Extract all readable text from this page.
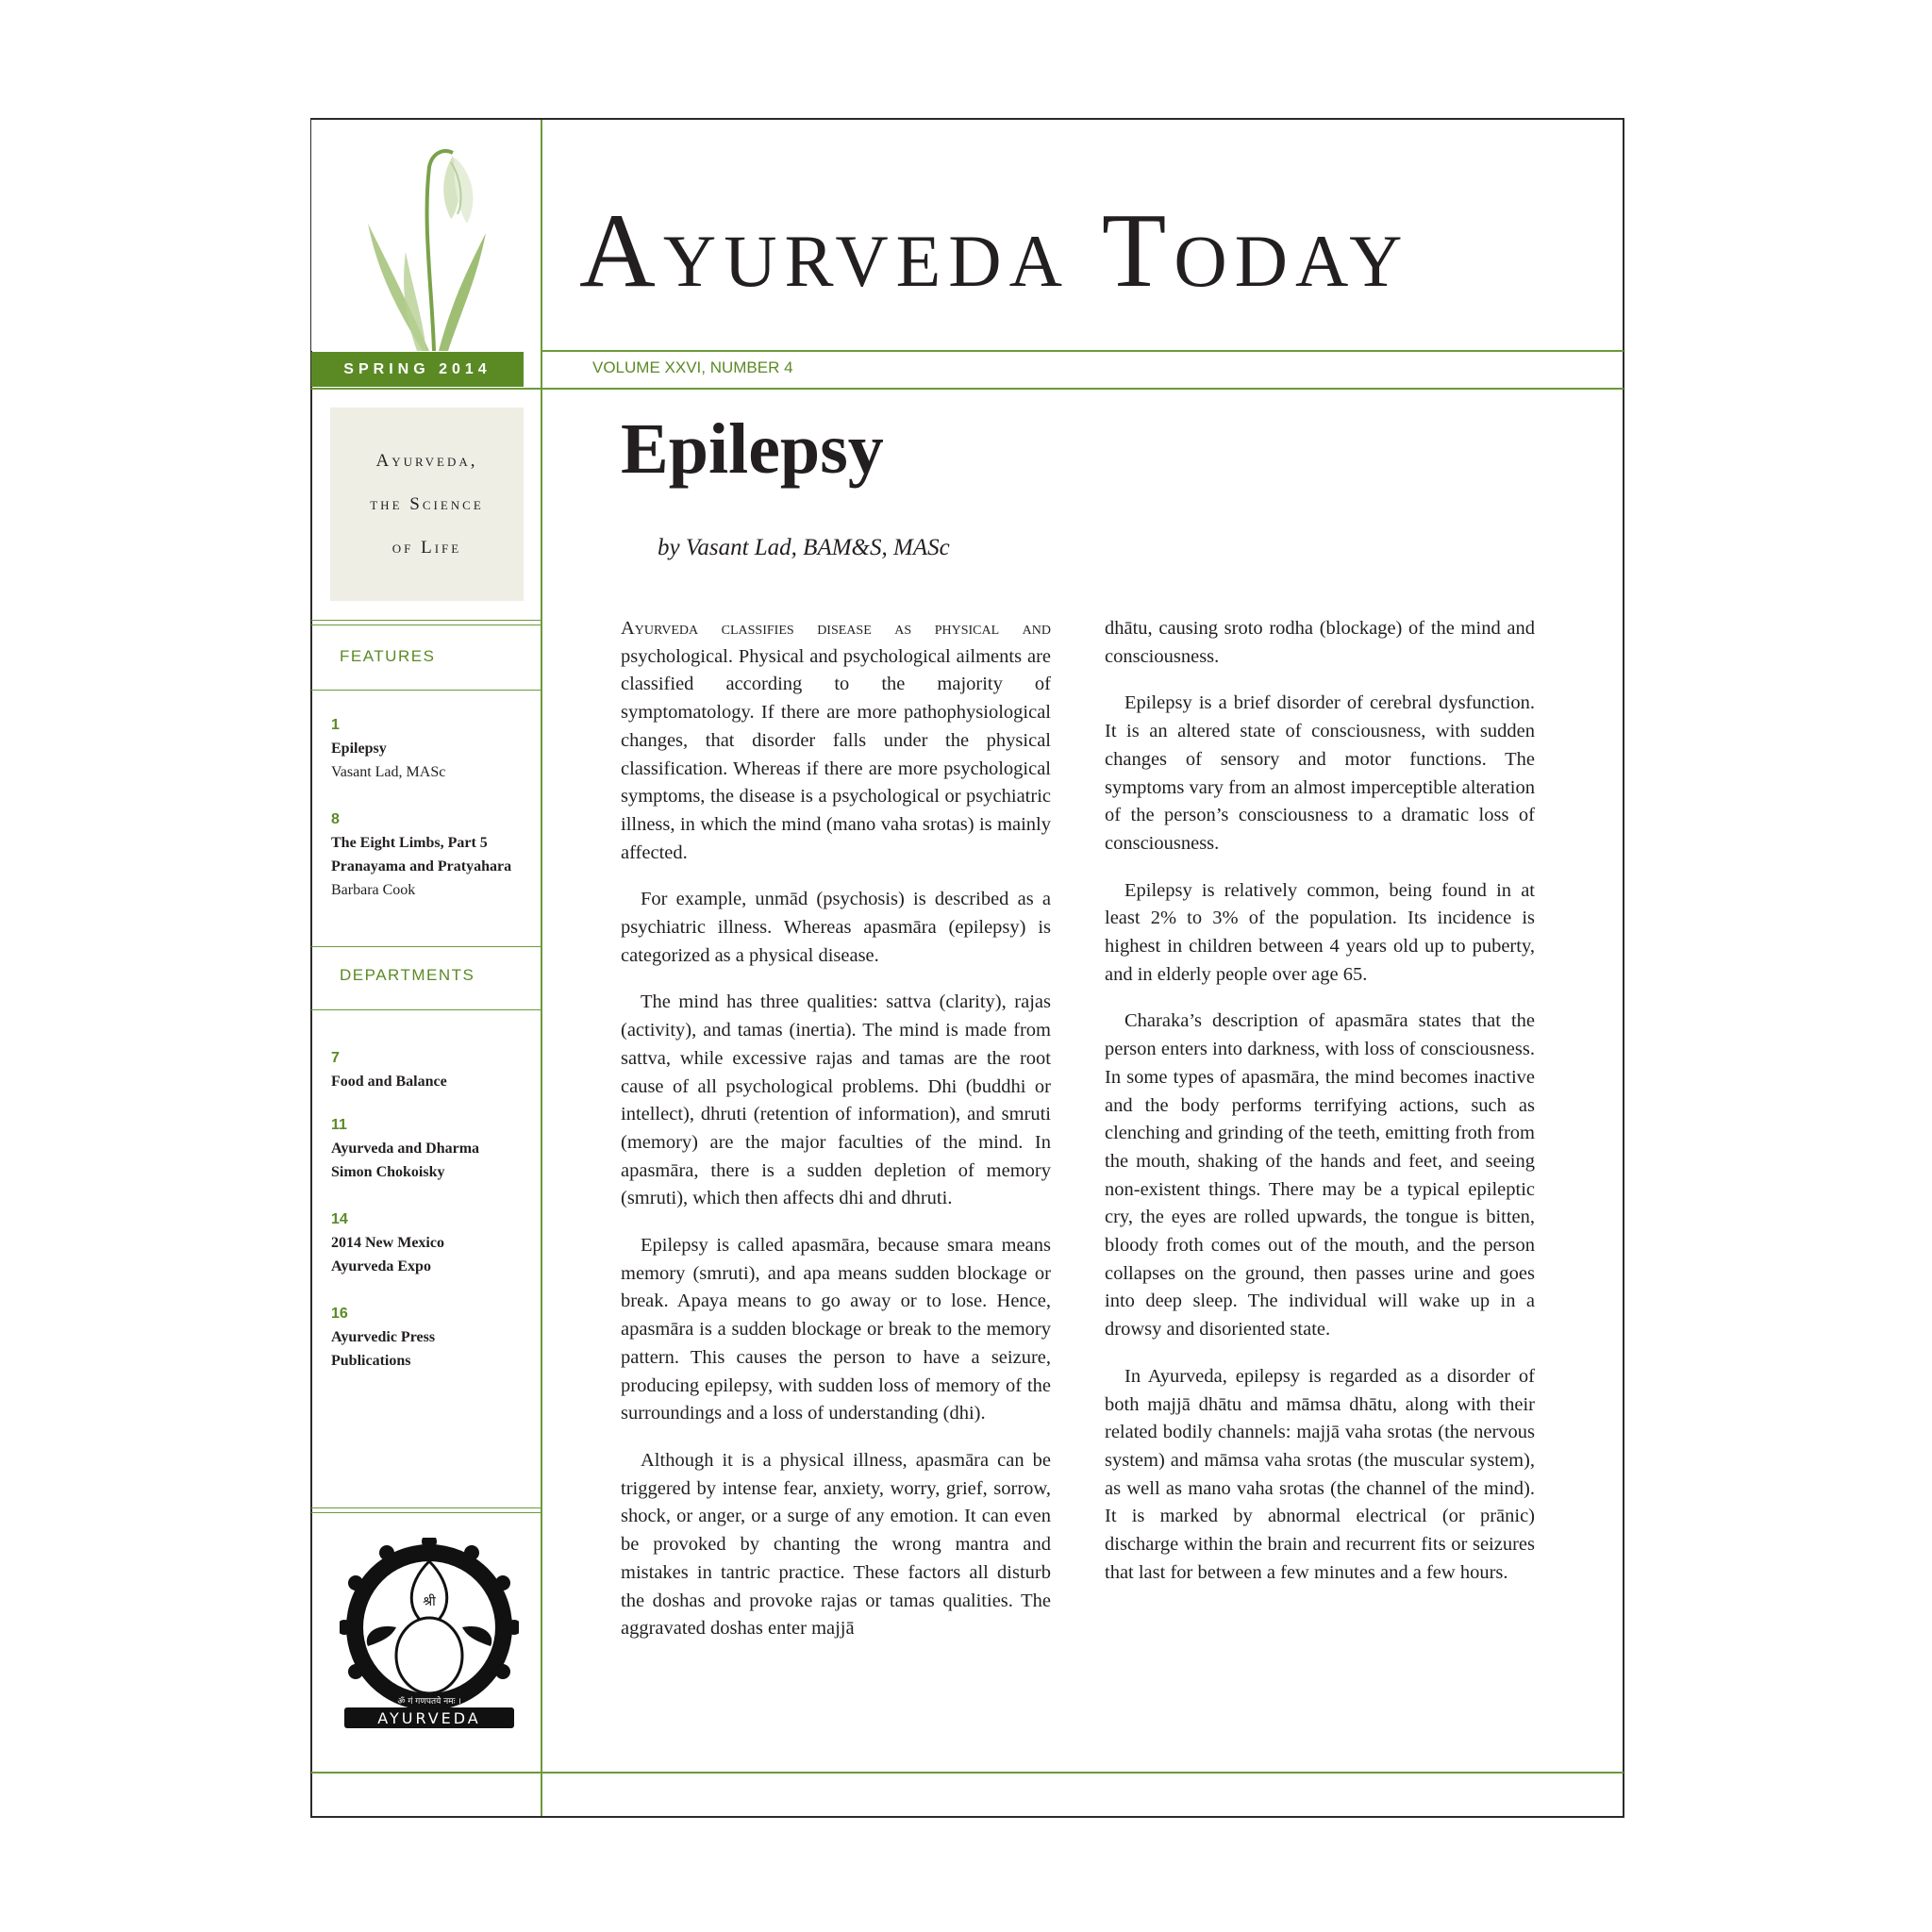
SPRING 2014
Ayurveda,
the Science
of Life
FEATURES
1
Epilepsy
Vasant Lad, MASc
8
The Eight Limbs, Part 5
Pranayama and Pratyahara
Barbara Cook
DEPARTMENTS
7
Food and Balance
11
Ayurveda and Dharma
Simon Chokoisky
14
2014 New Mexico
Ayurveda Expo
16
Ayurvedic Press
Publications
श्री
ॐ गं गणपतये नमः ।
AYURVEDA
Ayurveda Today
VOLUME XXVI, NUMBER 4
Epilepsy
by Vasant Lad, BAM&S, MASc

Ayurveda classifies disease as physical and psychological. Physical and psychological ailments are classified according to the majority of symptomatology. If there are more pathophysiological changes, that disorder falls under the physical classification. Whereas if there are more psychological symptoms, the disease is a psychological or psychiatric illness, in which the mind (mano vaha srotas) is mainly affected.

For example, unmād (psychosis) is described as a psychiatric illness. Whereas apasmāra (epilepsy) is categorized as a physical disease.

The mind has three qualities: sattva (clarity), rajas (activity), and tamas (inertia). The mind is made from sattva, while excessive rajas and tamas are the root cause of all psychological problems. Dhi (buddhi or intellect), dhruti (retention of information), and smruti (memory) are the major faculties of the mind. In apasmāra, there is a sudden depletion of memory (smruti), which then affects dhi and dhruti.

Epilepsy is called apasmāra, because smara means memory (smruti), and apa means sudden blockage or break. Apaya means to go away or to lose. Hence, apasmāra is a sudden blockage or break to the memory pattern. This causes the person to have a seizure, producing epilepsy, with sudden loss of memory of the surroundings and a loss of understanding (dhi).

Although it is a physical illness, apasmāra can be triggered by intense fear, anxiety, worry, grief, sorrow, shock, or anger, or a surge of any emotion. It can even be provoked by chanting the wrong mantra and mistakes in tantric practice. These factors all disturb the doshas and provoke rajas or tamas qualities. The aggravated doshas enter majjā

dhātu, causing sroto rodha (blockage) of the mind and consciousness.

Epilepsy is a brief disorder of cerebral dysfunction. It is an altered state of consciousness, with sudden changes of sensory and motor functions. The symptoms vary from an almost imperceptible alteration of the person’s consciousness to a dramatic loss of consciousness.

Epilepsy is relatively common, being found in at least 2% to 3% of the population. Its incidence is highest in children between 4 years old up to puberty, and in elderly people over age 65.

Charaka’s description of apasmāra states that the person enters into darkness, with loss of consciousness. In some types of apasmāra, the mind becomes inactive and the body performs terrifying actions, such as clenching and grinding of the teeth, emitting froth from the mouth, shaking of the hands and feet, and seeing non-existent things. There may be a typical epileptic cry, the eyes are rolled upwards, the tongue is bitten, bloody froth comes out of the mouth, and the person collapses on the ground, then passes urine and goes into deep sleep. The individual will wake up in a drowsy and disoriented state.

In Ayurveda, epilepsy is regarded as a disorder of both majjā dhātu and māmsa dhātu, along with their related bodily channels: majjā vaha srotas (the nervous system) and māmsa vaha srotas (the muscular system), as well as mano vaha srotas (the channel of the mind). It is marked by abnormal electrical (or prānic) discharge within the brain and recurrent fits or seizures that last for between a few minutes and a few hours.
